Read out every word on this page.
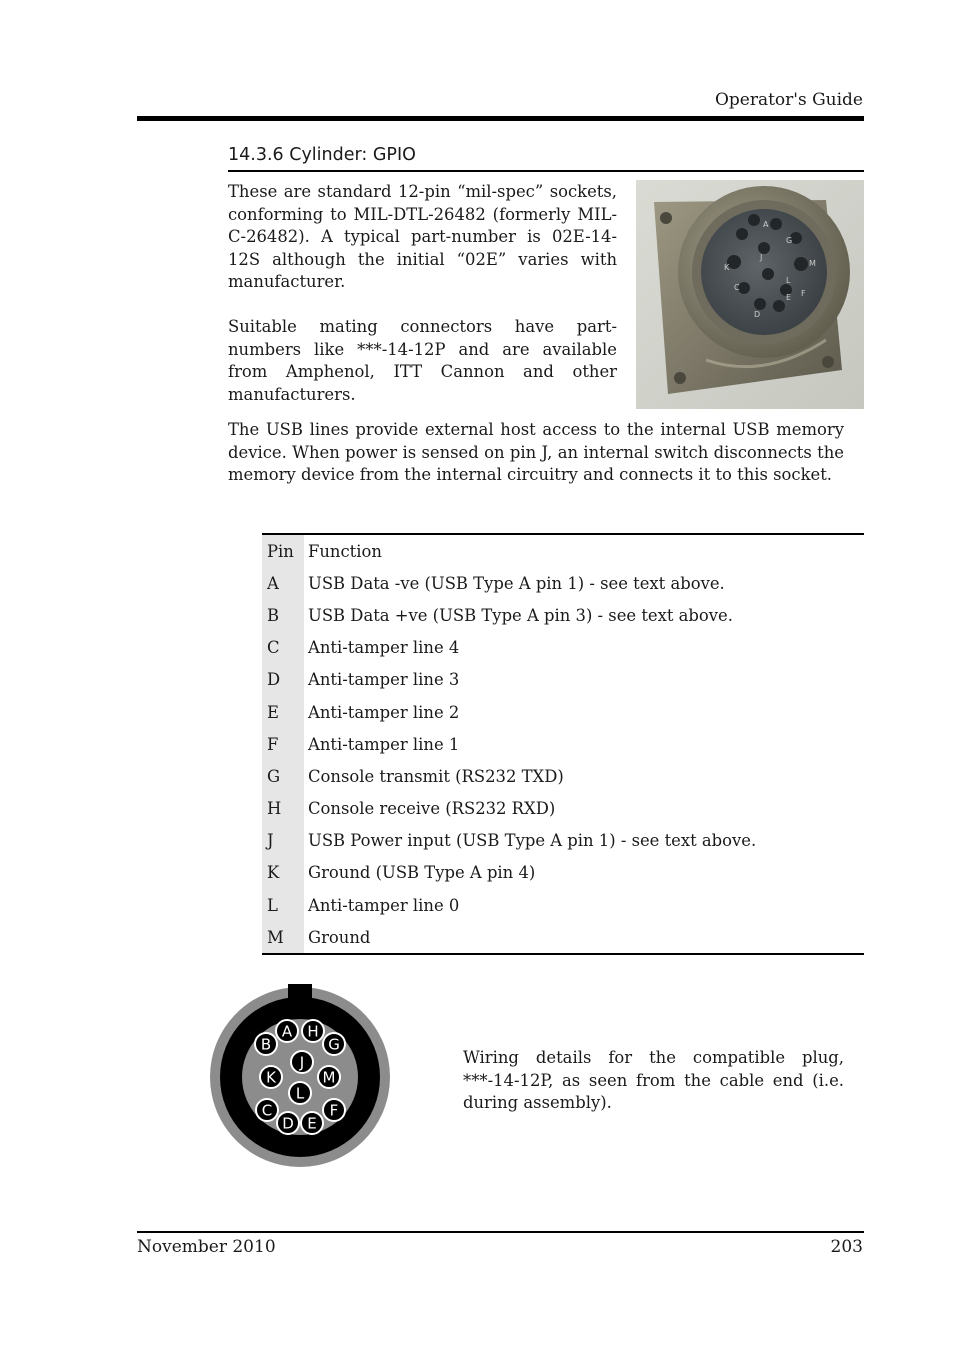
Operator's Guide
14.3.6 Cylinder: GPIO
These are standard 12-pin “mil-spec” sockets, conforming to MIL-DTL-26482 (formerly MIL-C-26482). A typical part-number is 02E-14-12S although the initial “02E” varies with manufacturer.
Suitable mating connectors have part-numbers like ***-14-12P and are available from Amphenol, ITT Cannon and other manufacturers.
A
G
J
K	M
C
D
L
E F
The USB lines provide external host access to the internal USB memory device. When power is sensed on pin J, an internal switch disconnects the memory device from the internal circuitry and connects it to this socket.
Pin	Function
A	USB Data -ve (USB Type A pin 1) - see text above.
B	USB Data +ve (USB Type A pin 3) - see text above.
C	Anti-tamper line 4
D	Anti-tamper line 3
E	Anti-tamper line 2
F	Anti-tamper line 1
G	Console transmit (RS232 TXD)
H	Console receive (RS232 RXD)
J	USB Power input (USB Type A pin 1) - see text above.
K	Ground (USB Type A pin 4)
L	Anti-tamper line 0
M	Ground
A H
B	G
J
K	M
L
C	F
D E
Wiring details for the compatible plug, ***-14-12P, as seen from the cable end (i.e. during assembly).
November 2010	203
